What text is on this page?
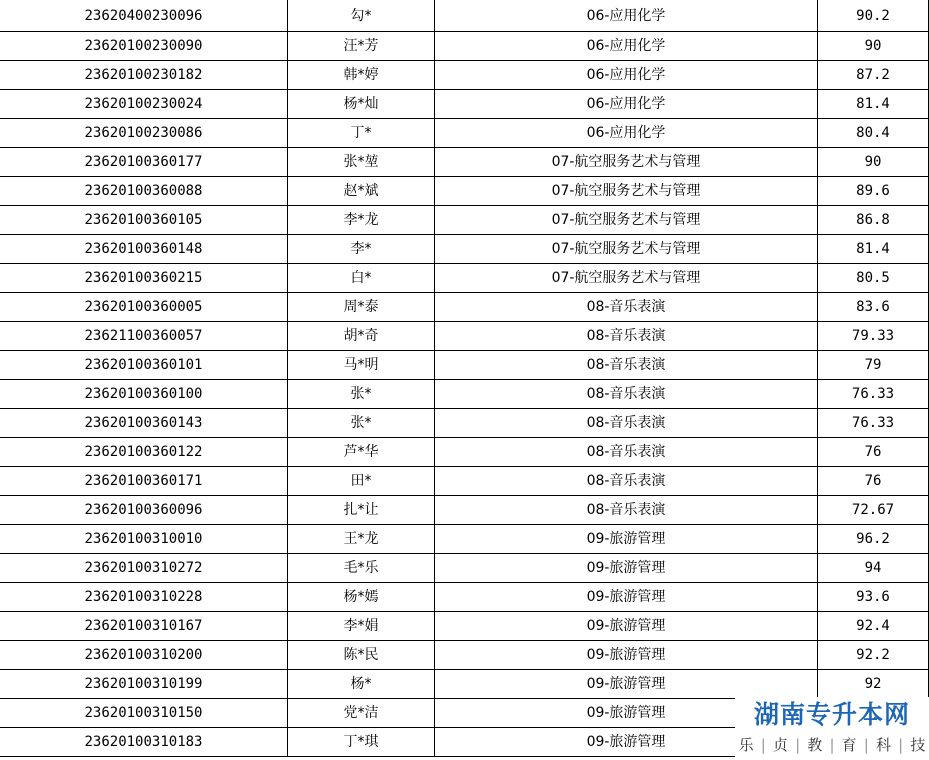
23620400230096	勾*	06-应用化学	90.2
23620100230090	汪*芳	06-应用化学	90
23620100230182	韩*婷	06-应用化学	87.2
23620100230024	杨*灿	06-应用化学	81.4
23620100230086	丁*	06-应用化学	80.4
23620100360177	张*堃	07-航空服务艺术与管理	90
23620100360088	赵*斌	07-航空服务艺术与管理	89.6
23620100360105	李*龙	07-航空服务艺术与管理	86.8
23620100360148	李*	07-航空服务艺术与管理	81.4
23620100360215	白*	07-航空服务艺术与管理	80.5
23620100360005	周*泰	08-音乐表演	83.6
23621100360057	胡*奇	08-音乐表演	79.33
23620100360101	马*明	08-音乐表演	79
23620100360100	张*	08-音乐表演	76.33
23620100360143	张*	08-音乐表演	76.33
23620100360122	芦*华	08-音乐表演	76
23620100360171	田*	08-音乐表演	76
23620100360096	扎*让	08-音乐表演	72.67
23620100310010	王*龙	09-旅游管理	96.2
23620100310272	毛*乐	09-旅游管理	94
23620100310228	杨*嫣	09-旅游管理	93.6
23620100310167	李*娟	09-旅游管理	92.4
23620100310200	陈*民	09-旅游管理	92.2
23620100310199	杨*	09-旅游管理	92
23620100310150	党*洁	09-旅游管理	
23620100310183	丁*琪	09-旅游管理	
湖南专升本网
乐 | 贞 | 教 | 育 | 科 | 技
